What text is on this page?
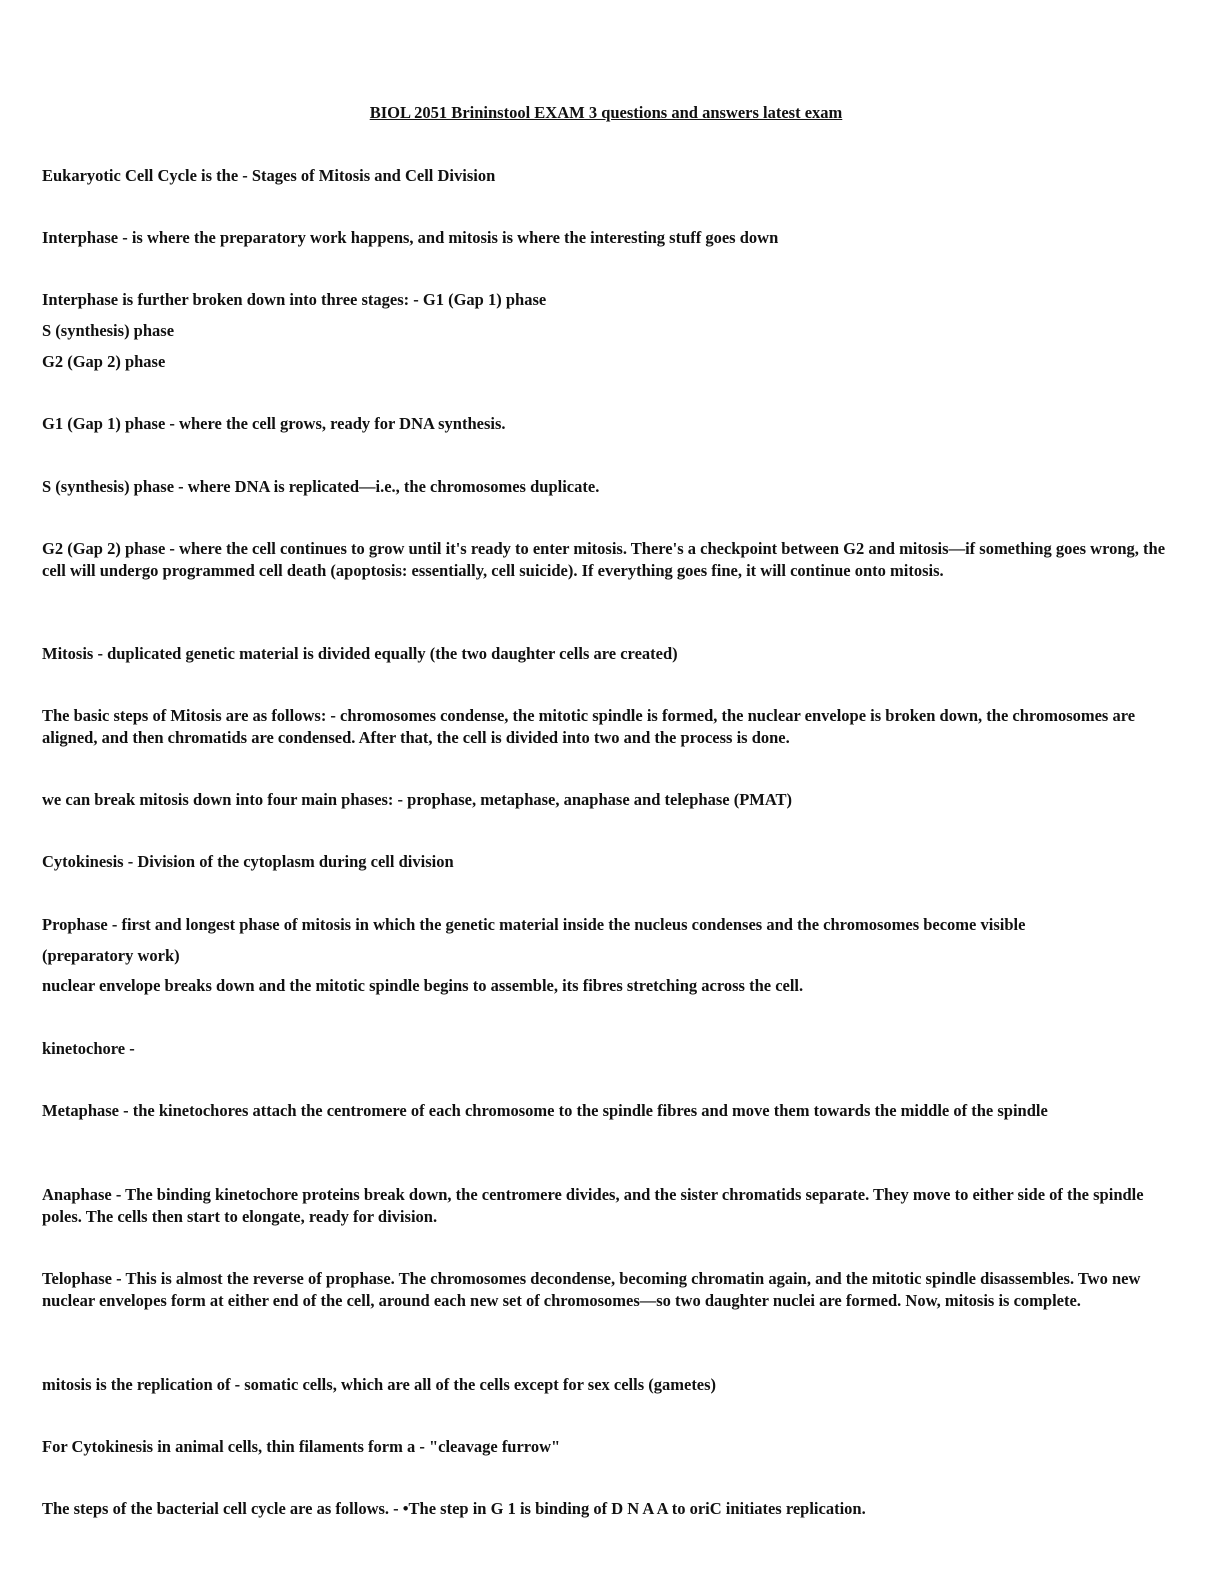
BIOL 2051 Brininstool EXAM 3 questions and answers latest exam
Eukaryotic Cell Cycle is the - Stages of Mitosis and Cell Division
Interphase - is where the preparatory work happens, and mitosis is where the interesting stuff goes down
Interphase is further broken down into three stages: - G1 (Gap 1) phase
S (synthesis) phase
G2 (Gap 2) phase
G1 (Gap 1) phase - where the cell grows, ready for DNA synthesis.
S (synthesis) phase - where DNA is replicated—i.e., the chromosomes duplicate.
G2 (Gap 2) phase - where the cell continues to grow until it's ready to enter mitosis. There's a checkpoint between G2 and mitosis—if something goes wrong, the cell will undergo programmed cell death (apoptosis: essentially, cell suicide). If everything goes fine, it will continue onto mitosis.
Mitosis - duplicated genetic material is divided equally (the two daughter cells are created)
The basic steps of Mitosis are as follows: - chromosomes condense, the mitotic spindle is formed, the nuclear envelope is broken down, the chromosomes are aligned, and then chromatids are condensed. After that, the cell is divided into two and the process is done.
we can break mitosis down into four main phases: - prophase, metaphase, anaphase and telephase (PMAT)
Cytokinesis - Division of the cytoplasm during cell division
Prophase - first and longest phase of mitosis in which the genetic material inside the nucleus condenses and the chromosomes become visible
(preparatory work)
nuclear envelope breaks down and the mitotic spindle begins to assemble, its fibres stretching across the cell.
kinetochore -
Metaphase - the kinetochores attach the centromere of each chromosome to the spindle fibres and move them towards the middle of the spindle
Anaphase - The binding kinetochore proteins break down, the centromere divides, and the sister chromatids separate. They move to either side of the spindle poles. The cells then start to elongate, ready for division.
Telophase - This is almost the reverse of prophase. The chromosomes decondense, becoming chromatin again, and the mitotic spindle disassembles. Two new nuclear envelopes form at either end of the cell, around each new set of chromosomes—so two daughter nuclei are formed. Now, mitosis is complete.
mitosis is the replication of - somatic cells, which are all of the cells except for sex cells (gametes)
For Cytokinesis in animal cells, thin filaments form a - "cleavage furrow"
The steps of the bacterial cell cycle are as follows. - •The step in G 1 is binding of D N A A to oriC initiates replication.
